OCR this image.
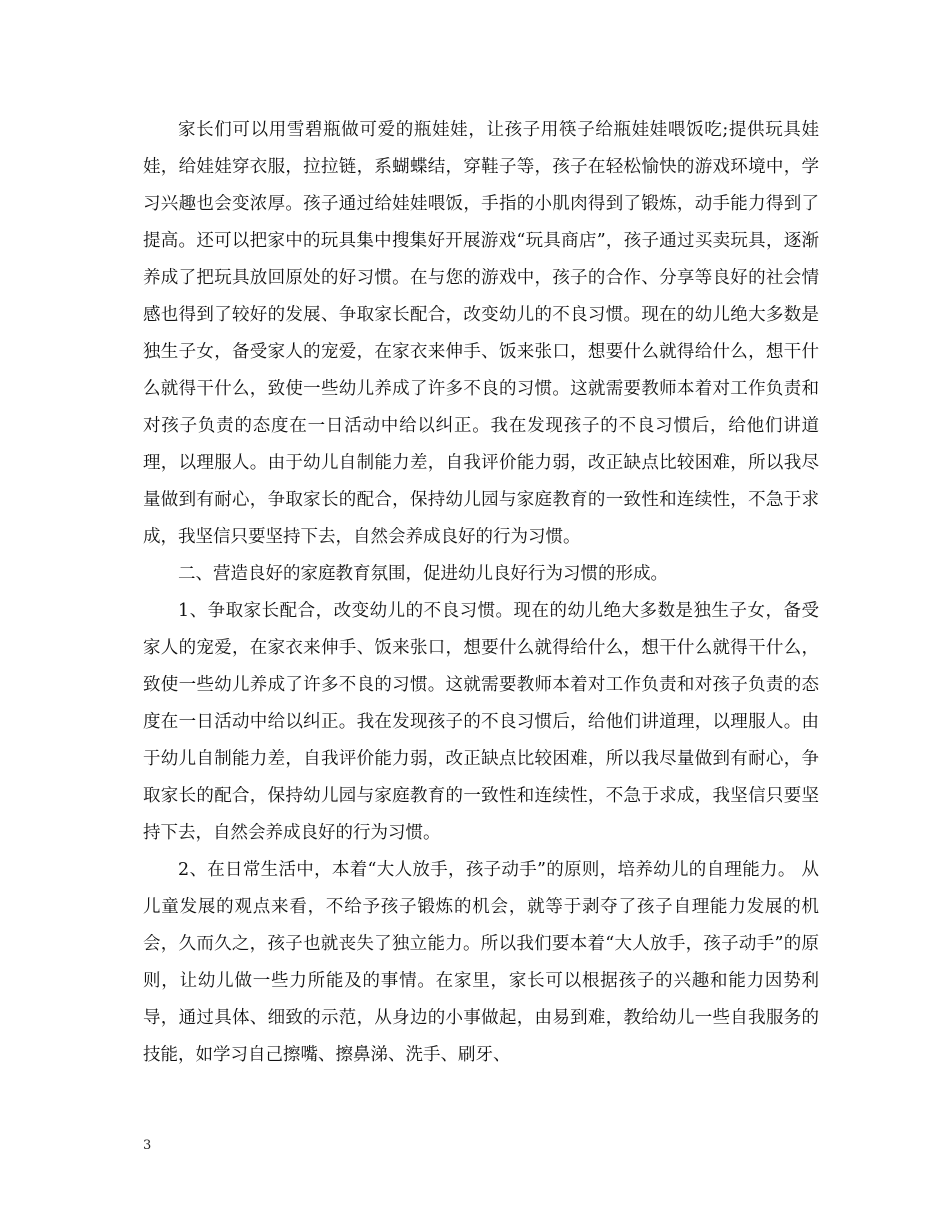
家长们可以用雪碧瓶做可爱的瓶娃娃，让孩子用筷子给瓶娃娃喂饭吃;提供玩具娃娃，给娃娃穿衣服，拉拉链，系蝴蝶结，穿鞋子等，孩子在轻松愉快的游戏环境中，学习兴趣也会变浓厚。孩子通过给娃娃喂饭，手指的小肌肉得到了锻炼，动手能力得到了提高。还可以把家中的玩具集中搜集好开展游戏“玩具商店”，孩子通过买卖玩具，逐渐养成了把玩具放回原处的好习惯。在与您的游戏中，孩子的合作、分享等良好的社会情感也得到了较好的发展、争取家长配合，改变幼儿的不良习惯。现在的幼儿绝大多数是独生子女，备受家人的宠爱，在家衣来伸手、饭来张口，想要什么就得给什么，想干什么就得干什么，致使一些幼儿养成了许多不良的习惯。这就需要教师本着对工作负责和对孩子负责的态度在一日活动中给以纠正。我在发现孩子的不良习惯后，给他们讲道理，以理服人。由于幼儿自制能力差，自我评价能力弱，改正缺点比较困难，所以我尽量做到有耐心，争取家长的配合，保持幼儿园与家庭教育的一致性和连续性，不急于求成，我坚信只要坚持下去，自然会养成良好的行为习惯。

二、营造良好的家庭教育氛围，促进幼儿良好行为习惯的形成。

1、争取家长配合，改变幼儿的不良习惯。现在的幼儿绝大多数是独生子女，备受家人的宠爱，在家衣来伸手、饭来张口，想要什么就得给什么，想干什么就得干什么，致使一些幼儿养成了许多不良的习惯。这就需要教师本着对工作负责和对孩子负责的态度在一日活动中给以纠正。我在发现孩子的不良习惯后，给他们讲道理，以理服人。由于幼儿自制能力差，自我评价能力弱，改正缺点比较困难，所以我尽量做到有耐心，争取家长的配合，保持幼儿园与家庭教育的一致性和连续性，不急于求成，我坚信只要坚持下去，自然会养成良好的行为习惯。

2、在日常生活中，本着“大人放手，孩子动手”的原则，培养幼儿的自理能力。 从儿童发展的观点来看，不给予孩子锻炼的机会，就等于剥夺了孩子自理能力发展的机会，久而久之，孩子也就丧失了独立能力。所以我们要本着“大人放手，孩子动手”的原则，让幼儿做一些力所能及的事情。在家里，家长可以根据孩子的兴趣和能力因势利导，通过具体、细致的示范，从身边的小事做起，由易到难，教给幼儿一些自我服务的技能，如学习自己擦嘴、擦鼻涕、洗手、刷牙、

3
